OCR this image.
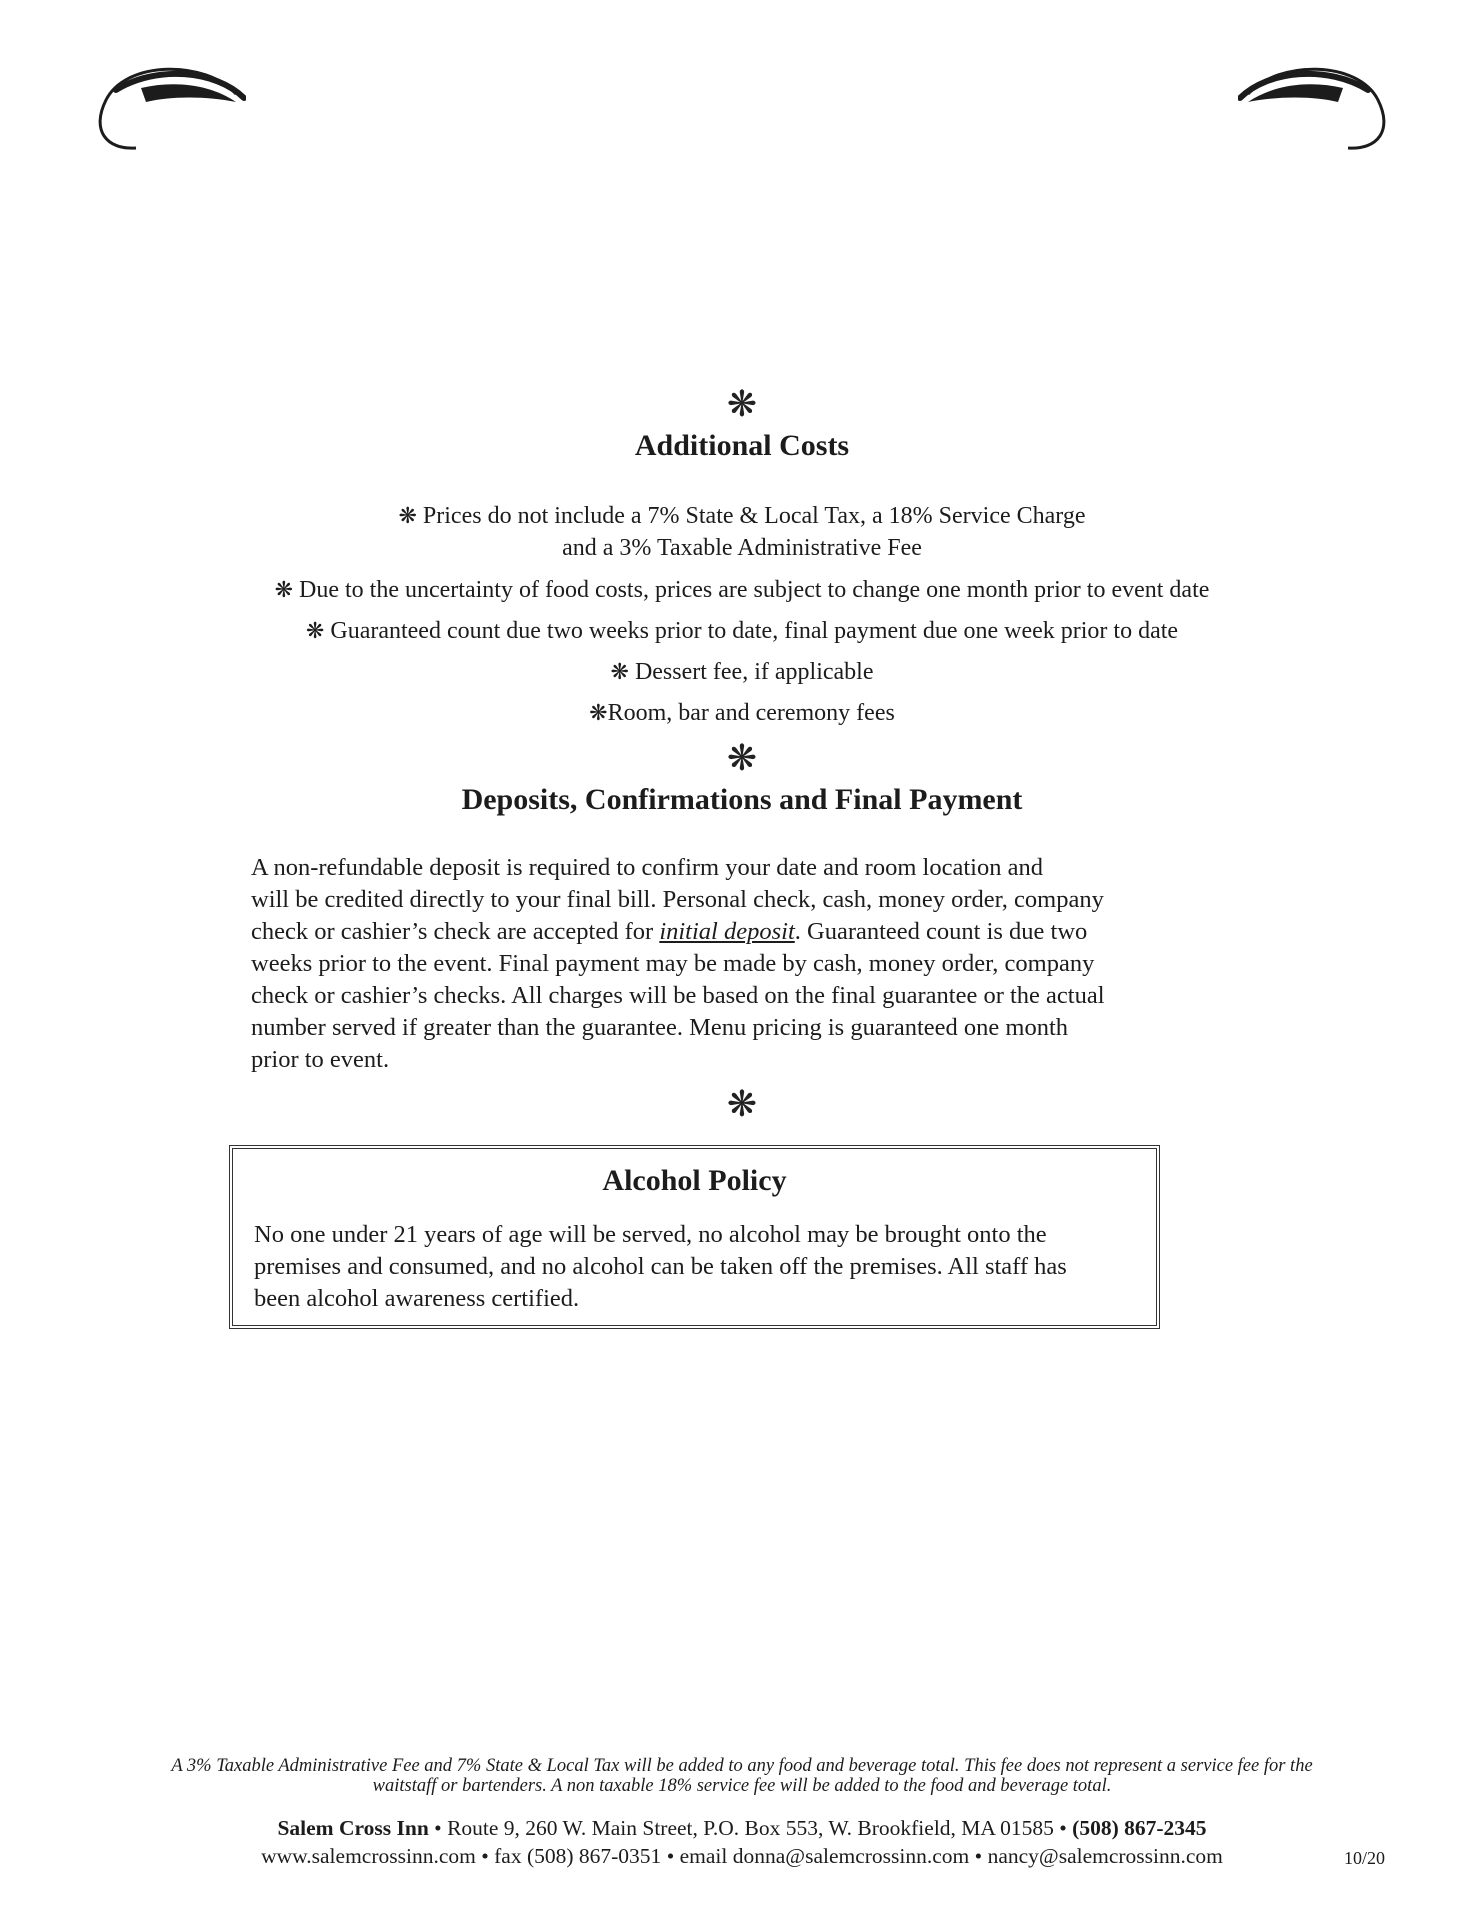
❋
Additional Costs
❋ Prices do not include a 7% State & Local Tax, a 18% Service Charge
and a 3% Taxable Administrative Fee
❋ Due to the uncertainty of food costs, prices are subject to change one month prior to event date
❋ Guaranteed count due two weeks prior to date, final payment due one week prior to date
❋ Dessert fee, if applicable
❋Room, bar and ceremony fees
❋
Deposits, Confirmations and Final Payment
A non-refundable deposit is required to confirm your date and room location and
will be credited directly to your final bill. Personal check, cash, money order, company
check or cashier’s check are accepted for initial deposit. Guaranteed count is due two
weeks prior to the event. Final payment may be made by cash, money order, company
check or cashier’s checks. All charges will be based on the final guarantee or the actual
number served if greater than the guarantee. Menu pricing is guaranteed one month
prior to event.
❋
Alcohol Policy
No one under 21 years of age will be served, no alcohol may be brought onto the
premises and consumed, and no alcohol can be taken off the premises. All staff has
been alcohol awareness certified.
A 3% Taxable Administrative Fee and 7% State & Local Tax will be added to any food and beverage total. This fee does not represent a service fee for the
waitstaff or bartenders. A non taxable 18% service fee will be added to the food and beverage total.
Salem Cross Inn • Route 9, 260 W. Main Street, P.O. Box 553, W. Brookfield, MA 01585 • (508) 867-2345
www.salemcrossinn.com • fax (508) 867-0351 • email donna@salemcrossinn.com • nancy@salemcrossinn.com	10/20
